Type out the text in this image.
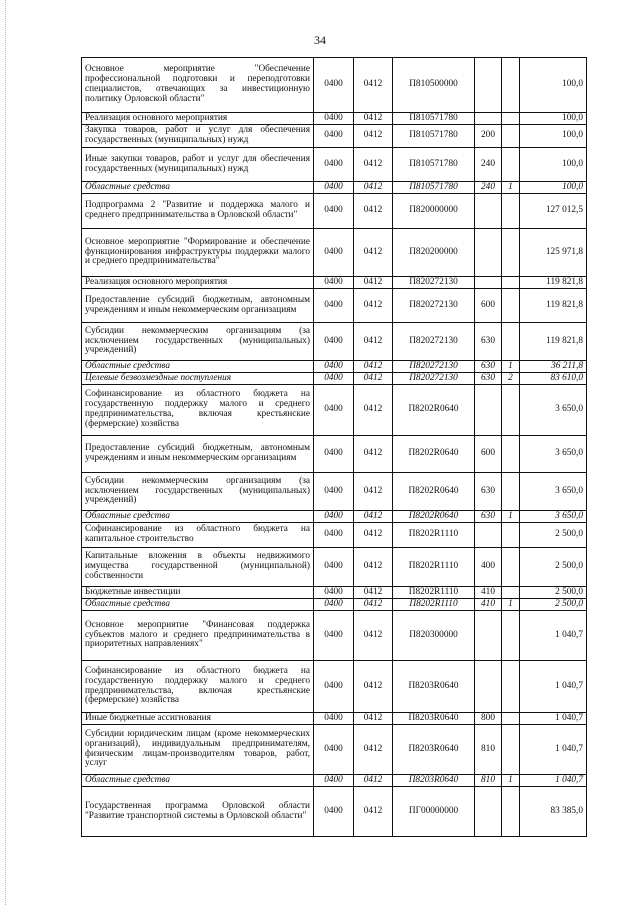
34
Основное мероприятие "Обеспечение профессиональной подготовки и переподготовки специалистов, отвечающих за инвестиционную политику Орловской области"	0400	0412	П810500000			100,0
Реализация основного мероприятия	0400	0412	П810571780			100,0
Закупка товаров, работ и услуг для обеспечения государственных (муниципальных) нужд	0400	0412	П810571780	200		100,0
Иные закупки товаров, работ и услуг для обеспечения государственных (муниципальных) нужд	0400	0412	П810571780	240		100,0
Областные средства	0400	0412	П810571780	240	1	100,0
Подпрограмма 2 "Развитие и поддержка малого и среднего предпринимательства в Орловской области"	0400	0412	П820000000			127 012,5
Основное мероприятие "Формирование и обеспечение функционирования инфраструктуры поддержки малого и среднего предпринимательства"	0400	0412	П820200000			125 971,8
Реализация основного мероприятия	0400	0412	П820272130			119 821,8
Предоставление субсидий бюджетным, автономным учреждениям и иным некоммерческим организациям	0400	0412	П820272130	600		119 821,8
Субсидии некоммерческим организациям (за исключением государственных (муниципальных) учреждений)	0400	0412	П820272130	630		119 821,8
Областные средства	0400	0412	П820272130	630	1	36 211,8
Целевые безвозмездные поступления	0400	0412	П820272130	630	2	83 610,0
Софинансирование из областного бюджета на государственную поддержку малого и среднего предпринимательства, включая крестьянские (фермерские) хозяйства	0400	0412	П8202R0640			3 650,0
Предоставление субсидий бюджетным, автономным учреждениям и иным некоммерческим организациям	0400	0412	П8202R0640	600		3 650,0
Субсидии некоммерческим организациям (за исключением государственных (муниципальных) учреждений)	0400	0412	П8202R0640	630		3 650,0
Областные средства	0400	0412	П8202R0640	630	1	3 650,0
Софинансирование из областного бюджета на капитальное строительство	0400	0412	П8202R1110			2 500,0
Капитальные вложения в объекты недвижимого имущества государственной (муниципальной) собственности	0400	0412	П8202R1110	400		2 500,0
Бюджетные инвестиции	0400	0412	П8202R1110	410		2 500,0
Областные средства	0400	0412	П8202R1110	410	1	2 500,0
Основное мероприятие "Финансовая поддержка субъектов малого и среднего предпринимательства в приоритетных направлениях"	0400	0412	П820300000			1 040,7
Софинансирование из областного бюджета на государственную поддержку малого и среднего предпринимательства, включая крестьянские (фермерские) хозяйства	0400	0412	П8203R0640			1 040,7
Иные бюджетные ассигнования	0400	0412	П8203R0640	800		1 040,7
Субсидии юридическим лицам (кроме некоммерческих организаций), индивидуальным предпринимателям, физическим лицам-производителям товаров, работ, услуг	0400	0412	П8203R0640	810		1 040,7
Областные средства	0400	0412	П8203R0640	810	1	1 040,7
Государственная программа Орловской области "Развитие транспортной системы в Орловской области"	0400	0412	ПГ00000000			83 385,0
